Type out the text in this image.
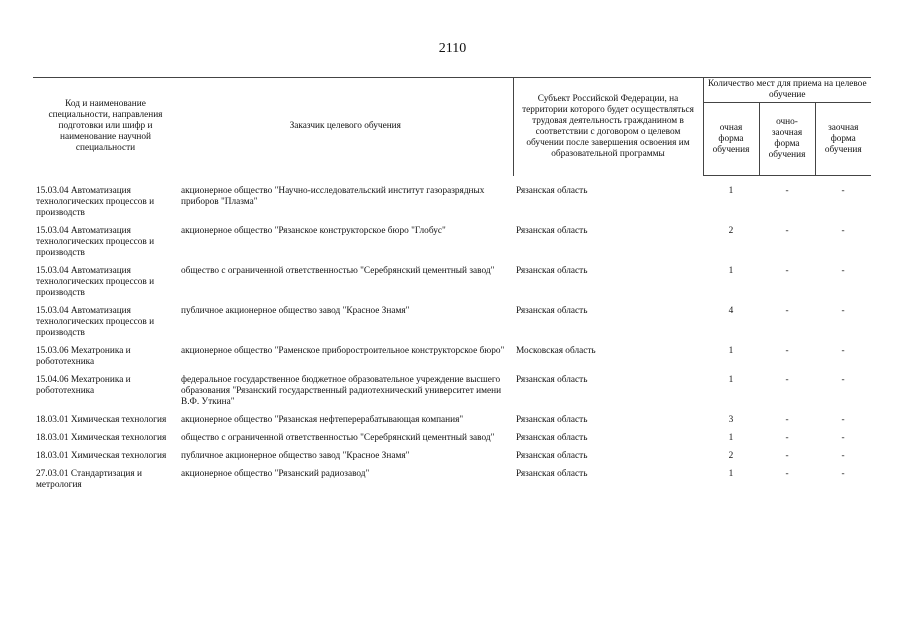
2110
Код и наименование специальности, направления подготовки или шифр и наименование научной специальности	Заказчик целевого обучения	Субъект Российской Федерации, на территории которого будет осуществляться трудовая деятельность гражданином в соответствии с договором о целевом обучении после завершения освоения им образовательной программы	Количество мест для приема на целевое обучение		
			очная форма обучения	очно-заочная форма обучения	заочная форма обучения

15.03.04 Автоматизация технологических процессов и производств	акционерное общество "Научно-исследовательский институт газоразрядных приборов "Плазма"	Рязанская область	1	-	-
15.03.04 Автоматизация технологических процессов и производств	акционерное общество "Рязанское конструкторское бюро "Глобус"	Рязанская область	2	-	-
15.03.04 Автоматизация технологических процессов и производств	общество с ограниченной ответственностью "Серебрянский цементный завод"	Рязанская область	1	-	-
15.03.04 Автоматизация технологических процессов и производств	публичное акционерное общество завод "Красное Знамя"	Рязанская область	4	-	-
15.03.06 Мехатроника и робототехника	акционерное общество "Раменское приборостроительное конструкторское бюро"	Московская область	1	-	-
15.04.06 Мехатроника и робототехника	федеральное государственное бюджетное образовательное учреждение высшего образования "Рязанский государственный радиотехнический университет имени В.Ф. Уткина"	Рязанская область	1	-	-
18.03.01 Химическая технология	акционерное общество "Рязанская нефтеперерабатывающая компания"	Рязанская область	3	-	-
18.03.01 Химическая технология	общество с ограниченной ответственностью "Серебрянский цементный завод"	Рязанская область	1	-	-
18.03.01 Химическая технология	публичное акционерное общество завод "Красное Знамя"	Рязанская область	2	-	-
27.03.01 Стандартизация и метрология	акционерное общество "Рязанский радиозавод"	Рязанская область	1	-	-
